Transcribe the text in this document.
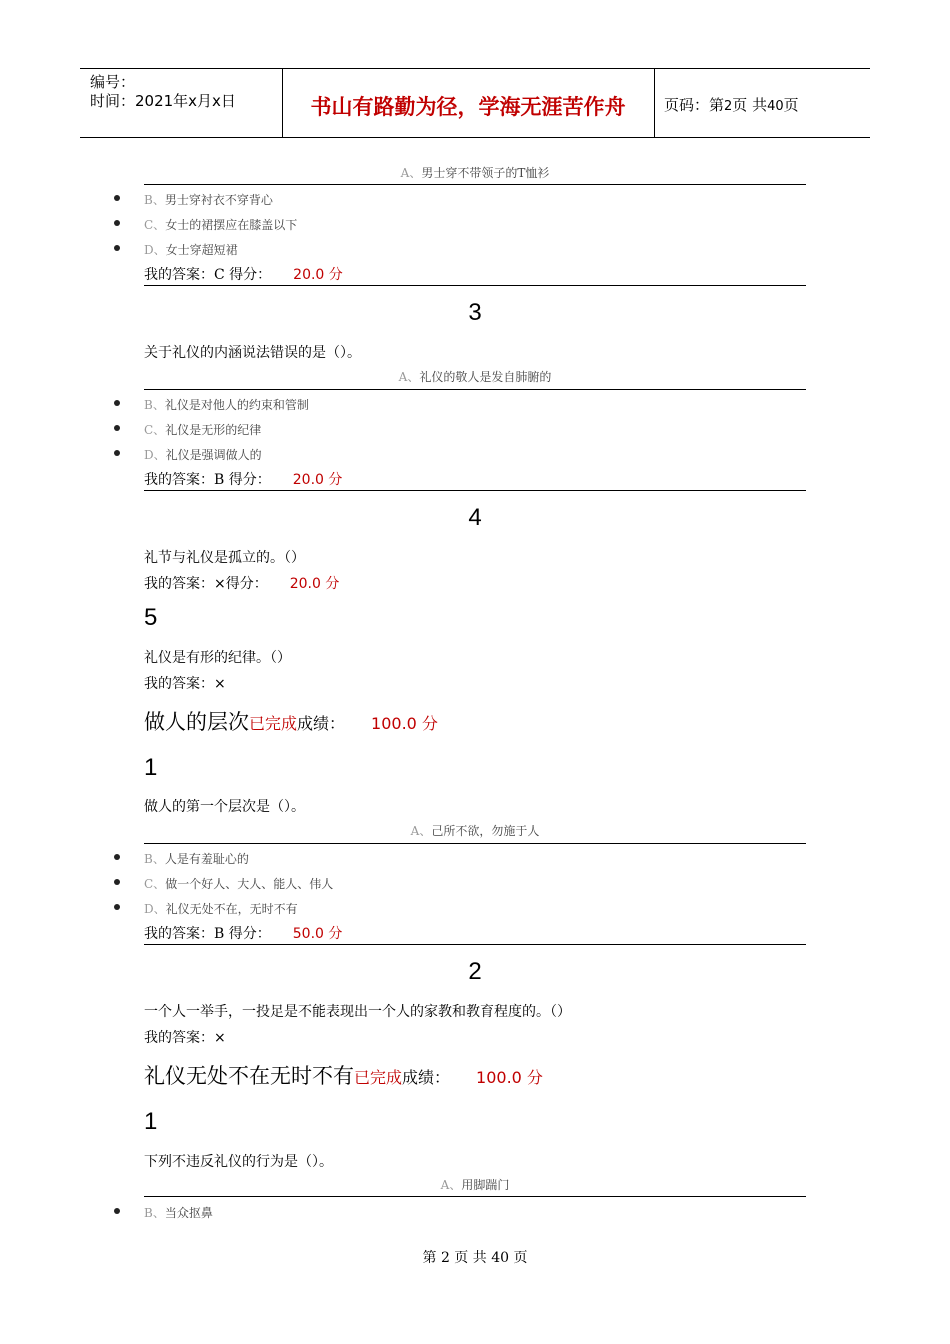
编号：
时间：2021年x月x日	书山有路勤为径，学海无涯苦作舟	页码：第2页 共40页
A、男士穿不带领子的T恤衫
B、男士穿衬衣不穿背心
C、女士的裙摆应在膝盖以下
D、女士穿超短裙
我的答案：C 得分： 20.0 分
3
关于礼仪的内涵说法错误的是（）。
A、礼仪的敬人是发自肺腑的
B、礼仪是对他人的约束和管制
C、礼仪是无形的纪律
D、礼仪是强调做人的
我的答案：B 得分： 20.0 分
4
礼节与礼仪是孤立的。（）
我的答案：×得分： 20.0 分
5
礼仪是有形的纪律。（）
我的答案：×
做人的层次已完成成绩： 100.0 分
1
做人的第一个层次是（）。
A、己所不欲，勿施于人
B、人是有羞耻心的
C、做一个好人、大人、能人、伟人
D、礼仪无处不在，无时不有
我的答案：B 得分： 50.0 分
2
一个人一举手，一投足是不能表现出一个人的家教和教育程度的。（）
我的答案：×
礼仪无处不在无时不有已完成成绩： 100.0 分
1
下列不违反礼仪的行为是（）。
A、用脚踹门
B、当众抠鼻
第 2 页 共 40 页
